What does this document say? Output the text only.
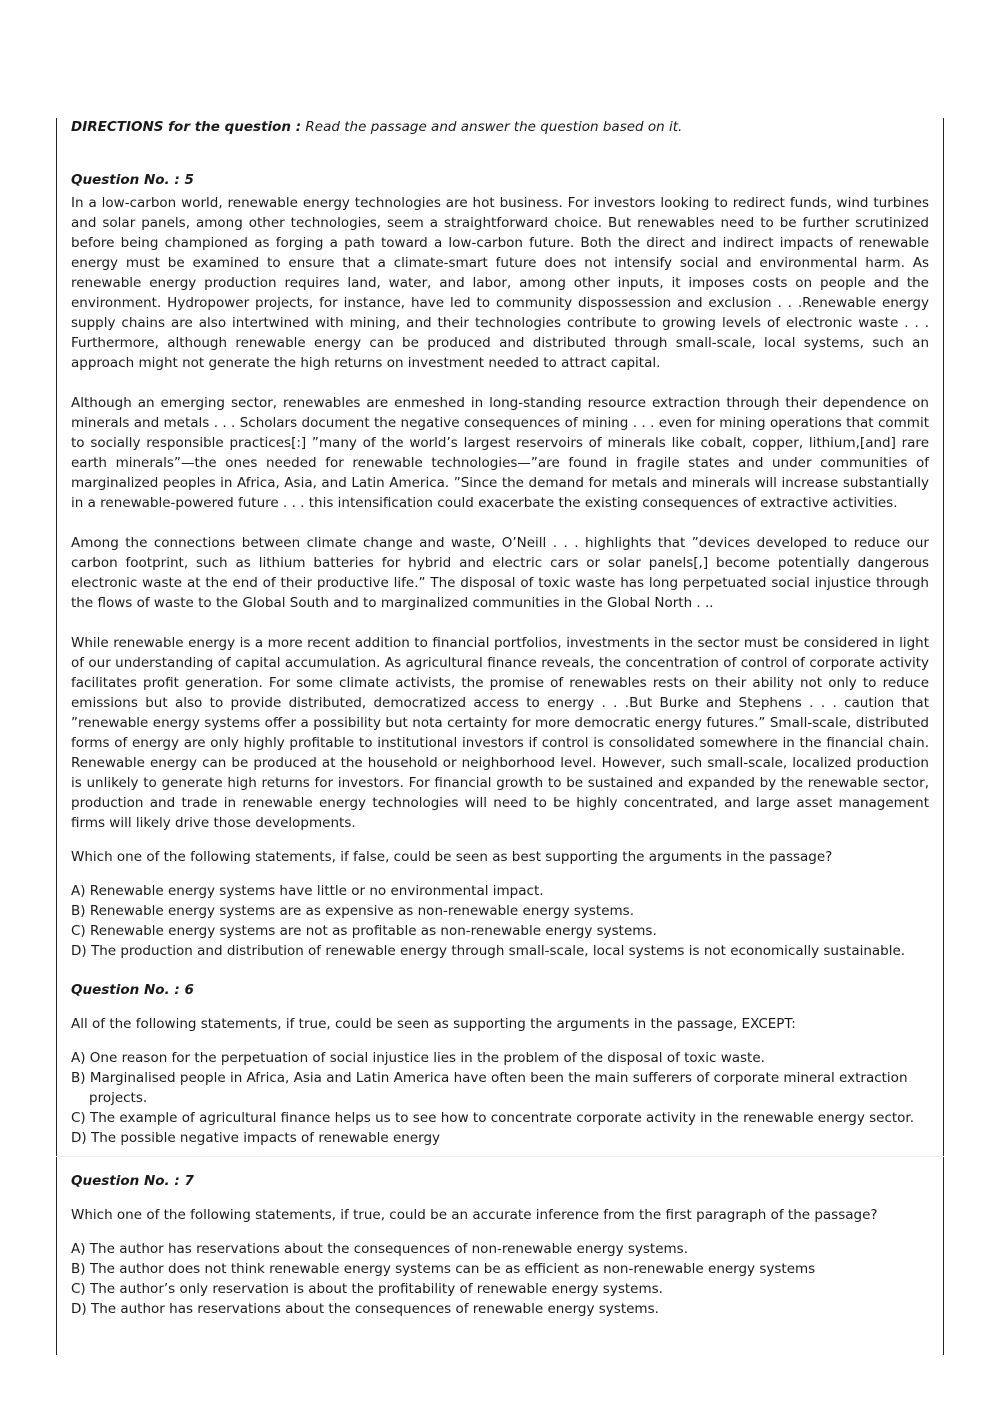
DIRECTIONS for the question : Read the passage and answer the question based on it.

Question No. : 5

In a low-carbon world, renewable energy technologies are hot business. For investors looking to redirect funds, wind turbines and solar panels, among other technologies, seem a straightforward choice. But renewables need to be further scrutinized before being championed as forging a path toward a low-carbon future. Both the direct and indirect impacts of renewable energy must be examined to ensure that a climate-smart future does not intensify social and environmental harm. As renewable energy production requires land, water, and labor, among other inputs, it imposes costs on people and the environment. Hydropower projects, for instance, have led to community dispossession and exclusion . . .Renewable energy supply chains are also intertwined with mining, and their technologies contribute to growing levels of electronic waste . . . Furthermore, although renewable energy can be produced and distributed through small-scale, local systems, such an approach might not generate the high returns on investment needed to attract capital.

Although an emerging sector, renewables are enmeshed in long-standing resource extraction through their dependence on minerals and metals . . . Scholars document the negative consequences of mining . . . even for mining operations that commit to socially responsible practices[:] ”many of the world’s largest reservoirs of minerals like cobalt, copper, lithium,[and] rare earth minerals”—the ones needed for renewable technologies—”are found in fragile states and under communities of marginalized peoples in Africa, Asia, and Latin America. ”Since the demand for metals and minerals will increase substantially in a renewable-powered future . . . this intensification could exacerbate the existing consequences of extractive activities.

Among the connections between climate change and waste, O’Neill . . . highlights that ”devices developed to reduce our carbon footprint, such as lithium batteries for hybrid and electric cars or solar panels[,] become potentially dangerous electronic waste at the end of their productive life.” The disposal of toxic waste has long perpetuated social injustice through the flows of waste to the Global South and to marginalized communities in the Global North . ..

While renewable energy is a more recent addition to financial portfolios, investments in the sector must be considered in light of our understanding of capital accumulation. As agricultural finance reveals, the concentration of control of corporate activity facilitates profit generation. For some climate activists, the promise of renewables rests on their ability not only to reduce emissions but also to provide distributed, democratized access to energy . . .But Burke and Stephens . . . caution that ”renewable energy systems offer a possibility but nota certainty for more democratic energy futures.” Small-scale, distributed forms of energy are only highly profitable to institutional investors if control is consolidated somewhere in the financial chain. Renewable energy can be produced at the household or neighborhood level. However, such small-scale, localized production is unlikely to generate high returns for investors. For financial growth to be sustained and expanded by the renewable sector, production and trade in renewable energy technologies will need to be highly concentrated, and large asset management firms will likely drive those developments.

Which one of the following statements, if false, could be seen as best supporting the arguments in the passage?

A) Renewable energy systems have little or no environmental impact.
B) Renewable energy systems are as expensive as non-renewable energy systems.
C) Renewable energy systems are not as profitable as non-renewable energy systems.
D) The production and distribution of renewable energy through small-scale, local systems is not economically sustainable.

Question No. : 6

All of the following statements, if true, could be seen as supporting the arguments in the passage, EXCEPT:

A) One reason for the perpetuation of social injustice lies in the problem of the disposal of toxic waste.
B) Marginalised people in Africa, Asia and Latin America have often been the main sufferers of corporate mineral extraction projects.
C) The example of agricultural finance helps us to see how to concentrate corporate activity in the renewable energy sector.
D) The possible negative impacts of renewable energy

Question No. : 7

Which one of the following statements, if true, could be an accurate inference from the first paragraph of the passage?

A) The author has reservations about the consequences of non-renewable energy systems.
B) The author does not think renewable energy systems can be as efficient as non-renewable energy systems
C) The author’s only reservation is about the profitability of renewable energy systems.
D) The author has reservations about the consequences of renewable energy systems.
